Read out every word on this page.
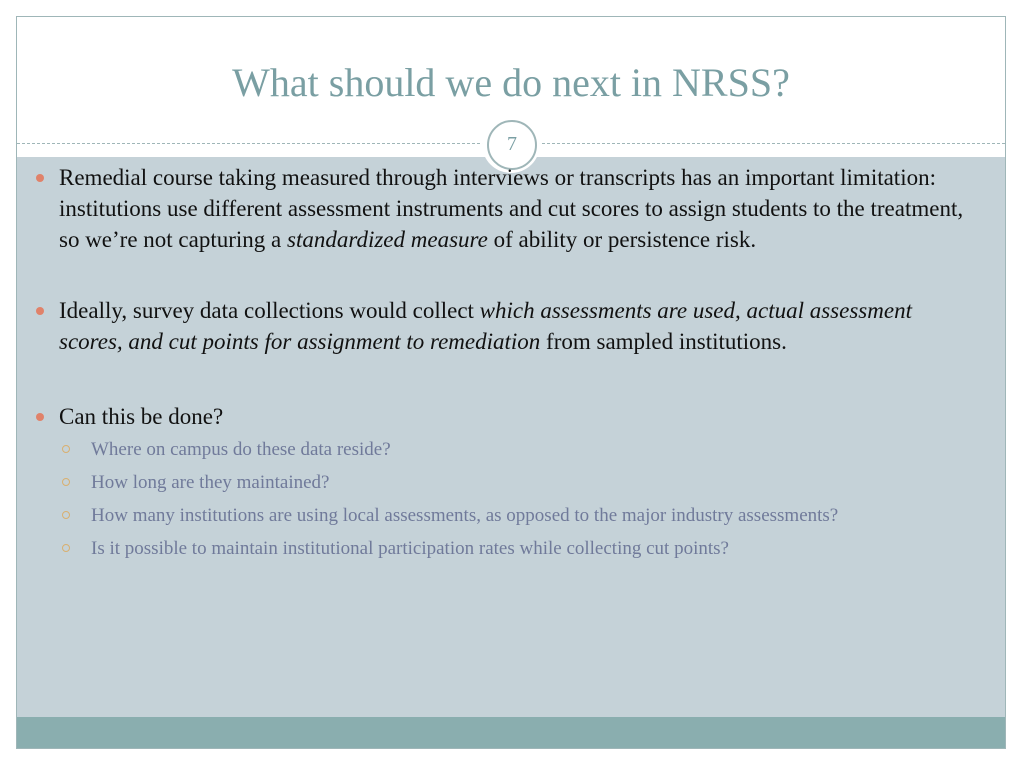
What should we do next in NRSS?
7
Remedial course taking measured through interviews or transcripts has an important limitation: institutions use different assessment instruments and cut scores to assign students to the treatment, so we’re not capturing a standardized measure of ability or persistence risk.
Ideally, survey data collections would collect which assessments are used, actual assessment scores, and cut points for assignment to remediation from sampled institutions.
Can this be done?
Where on campus do these data reside?
How long are they maintained?
How many institutions are using local assessments, as opposed to the major industry assessments?
Is it possible to maintain institutional participation rates while collecting cut points?
